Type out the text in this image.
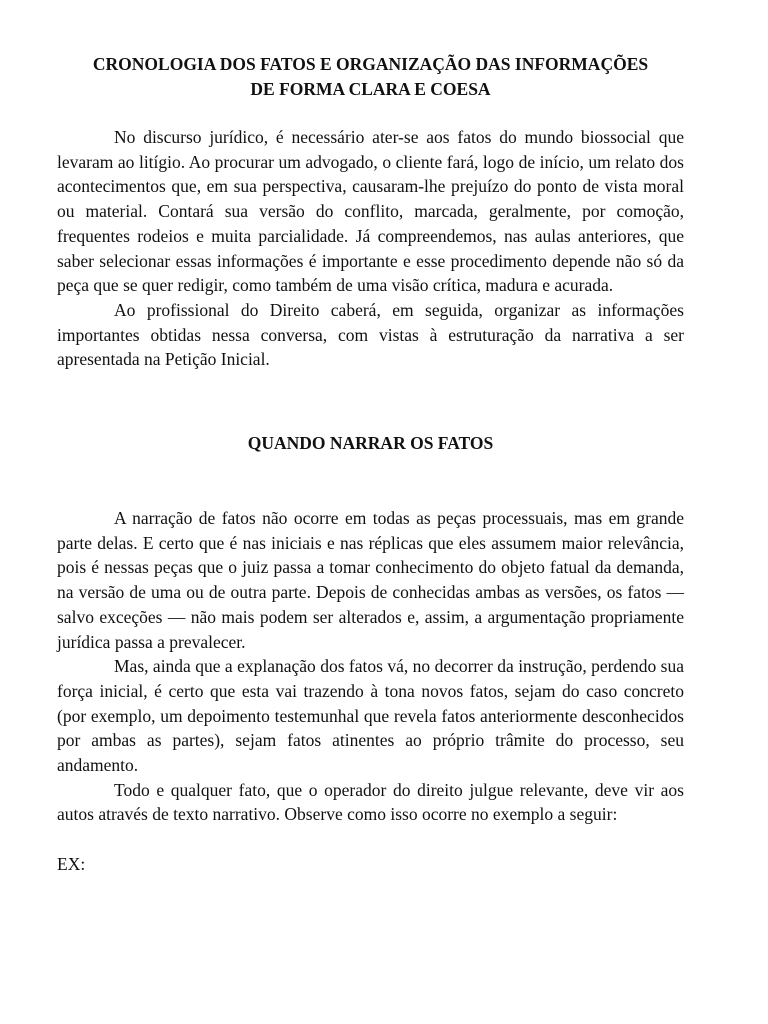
CRONOLOGIA DOS FATOS E ORGANIZAÇÃO DAS INFORMAÇÕES
DE FORMA CLARA E COESA

No discurso jurídico, é necessário ater-se aos fatos do mundo biossocial que levaram ao litígio. Ao procurar um advogado, o cliente fará, logo de início, um relato dos acontecimentos que, em sua perspectiva, causaram-lhe prejuízo do ponto de vista moral ou material. Contará sua versão do conflito, marcada, geralmente, por comoção, frequentes rodeios e muita parcialidade. Já compreendemos, nas aulas anteriores, que saber selecionar essas informações é importante e esse procedimento depende não só da peça que se quer redigir, como também de uma visão crítica, madura e acurada.

Ao profissional do Direito caberá, em seguida, organizar as informações importantes obtidas nessa conversa, com vistas à estruturação da narrativa a ser apresentada na Petição Inicial.

QUANDO NARRAR OS FATOS

A narração de fatos não ocorre em todas as peças processuais, mas em grande parte delas. E certo que é nas iniciais e nas réplicas que eles assumem maior relevância, pois é nessas peças que o juiz passa a tomar conhecimento do objeto fatual da demanda, na versão de uma ou de outra parte. Depois de conhecidas ambas as versões, os fatos — salvo exceções — não mais podem ser alterados e, assim, a argumentação propriamente jurídica passa a prevalecer.

Mas, ainda que a explanação dos fatos vá, no decorrer da instrução, perdendo sua força inicial, é certo que esta vai trazendo à tona novos fatos, sejam do caso concreto (por exemplo, um depoimento testemunhal que revela fatos anteriormente desconhecidos por ambas as partes), sejam fatos atinentes ao próprio trâmite do processo, seu andamento.

Todo e qualquer fato, que o operador do direito julgue relevante, deve vir aos autos através de texto narrativo. Observe como isso ocorre no exemplo a seguir:

EX:
